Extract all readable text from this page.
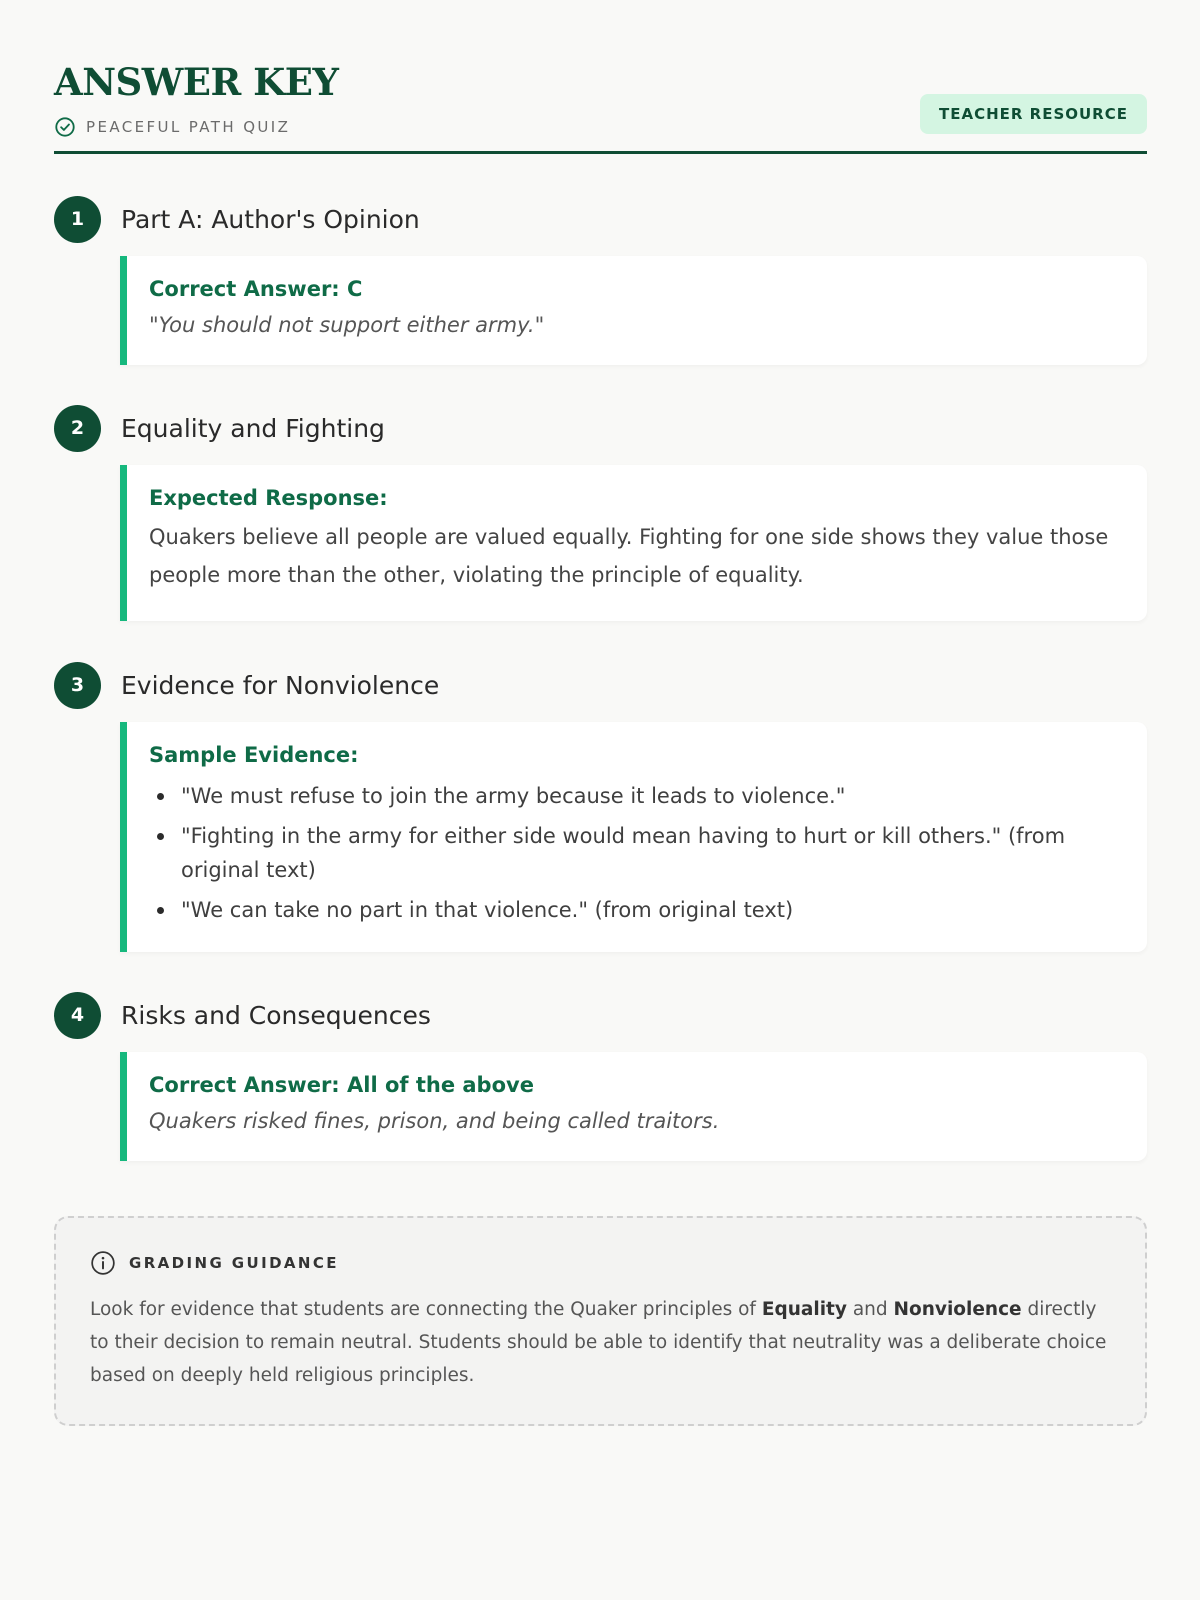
ANSWER KEY
PEACEFUL PATH QUIZ
TEACHER RESOURCE
1	Part A: Author's Opinion
Correct Answer: C
"You should not support either army."
2	Equality and Fighting
Expected Response:
Quakers believe all people are valued equally. Fighting for one side shows they value those people more than the other, violating the principle of equality.
3	Evidence for Nonviolence
Sample Evidence:
"We must refuse to join the army because it leads to violence."
"Fighting in the army for either side would mean having to hurt or kill others." (from original text)
"We can take no part in that violence." (from original text)
4	Risks and Consequences
Correct Answer: All of the above
Quakers risked fines, prison, and being called traitors.
GRADING GUIDANCE
Look for evidence that students are connecting the Quaker principles of Equality and Nonviolence directly to their decision to remain neutral. Students should be able to identify that neutrality was a deliberate choice based on deeply held religious principles.
